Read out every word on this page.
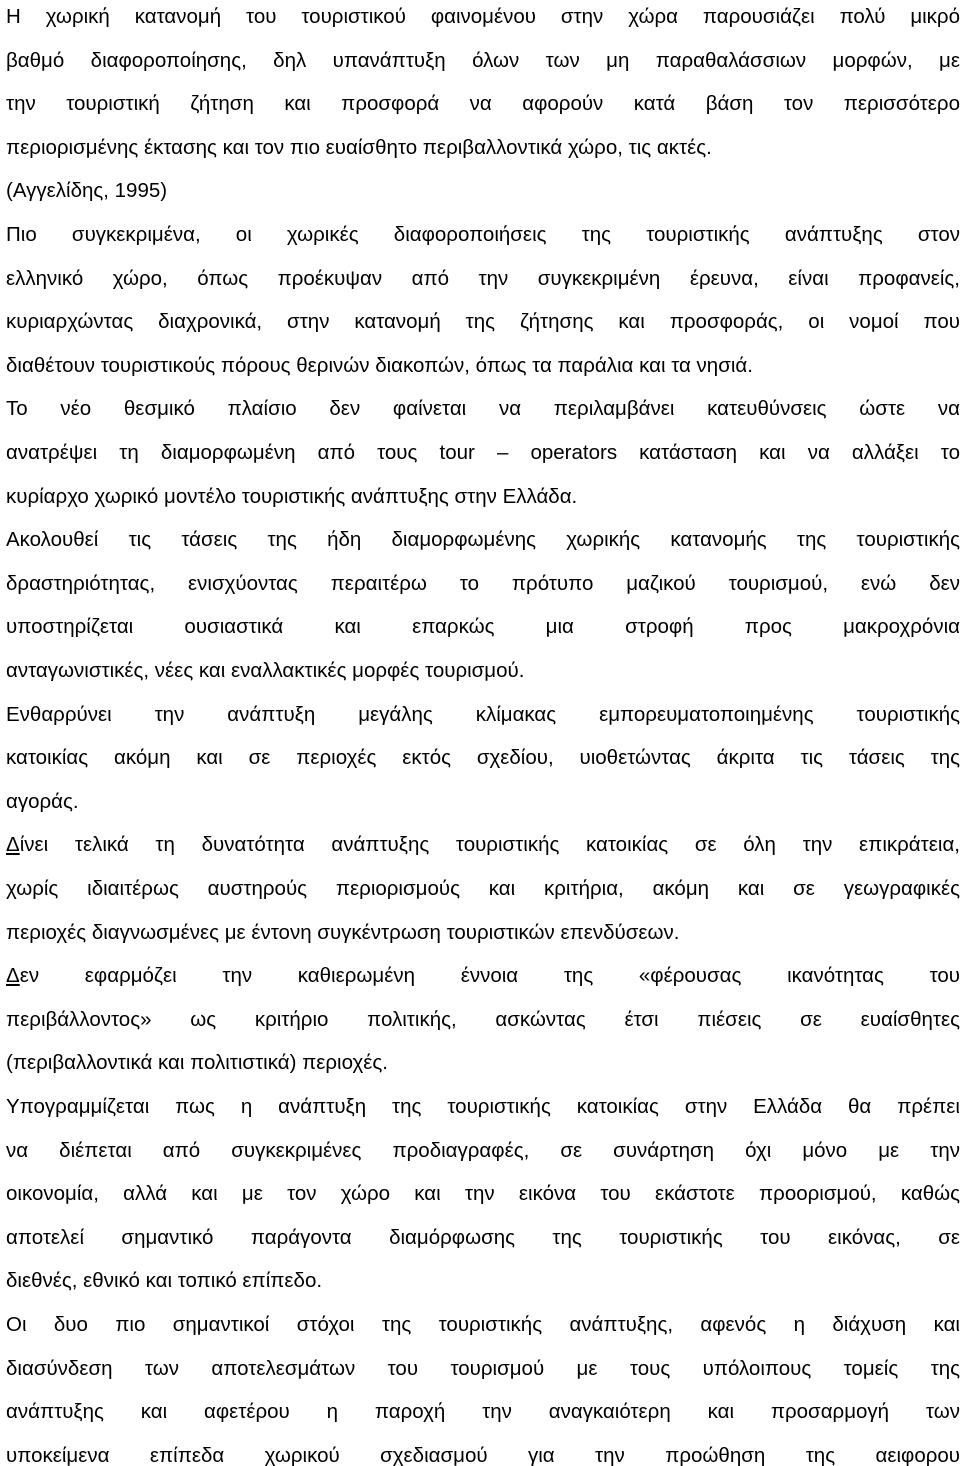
Η χωρική κατανομή του τουριστικού φαινομένου στην χώρα παρουσιάζει πολύ μικρό
βαθμό διαφοροποίησης, δηλ υπανάπτυξη όλων των μη παραθαλάσσιων μορφών, με
την τουριστική ζήτηση και προσφορά να αφορούν κατά βάση τον περισσότερο
περιορισμένης έκτασης και τον πιο ευαίσθητο περιβαλλοντικά χώρο, τις ακτές.
(Αγγελίδης, 1995)
Πιο συγκεκριμένα, οι χωρικές διαφοροποιήσεις της τουριστικής ανάπτυξης στον
ελληνικό χώρο, όπως προέκυψαν από την συγκεκριμένη έρευνα, είναι προφανείς,
κυριαρχώντας διαχρονικά, στην κατανομή της ζήτησης και προσφοράς, οι νομοί που
διαθέτουν τουριστικούς πόρους θερινών διακοπών, όπως τα παράλια και τα νησιά.
Το νέο θεσμικό πλαίσιο δεν φαίνεται να περιλαμβάνει κατευθύνσεις ώστε να
ανατρέψει τη διαμορφωμένη από τους tour – operators κατάσταση και να αλλάξει το
κυρίαρχο χωρικό μοντέλο τουριστικής ανάπτυξης στην Ελλάδα.
Ακολουθεί τις τάσεις της ήδη διαμορφωμένης χωρικής κατανομής της τουριστικής
δραστηριότητας, ενισχύοντας περαιτέρω το πρότυπο μαζικού τουρισμού, ενώ δεν
υποστηρίζεται ουσιαστικά και επαρκώς μια στροφή προς μακροχρόνια
ανταγωνιστικές, νέες και εναλλακτικές μορφές τουρισμού.
Ενθαρρύνει την ανάπτυξη μεγάλης κλίμακας εμπορευματοποιημένης τουριστικής
κατοικίας ακόμη και σε περιοχές εκτός σχεδίου, υιοθετώντας άκριτα τις τάσεις της
αγοράς.
Δίνει τελικά τη δυνατότητα ανάπτυξης τουριστικής κατοικίας σε όλη την επικράτεια,
χωρίς ιδιαιτέρως αυστηρούς περιορισμούς και κριτήρια, ακόμη και σε γεωγραφικές
περιοχές διαγνωσμένες με έντονη συγκέντρωση τουριστικών επενδύσεων.
Δεν εφαρμόζει την καθιερωμένη έννοια της «φέρουσας ικανότητας του
περιβάλλοντος» ως κριτήριο πολιτικής, ασκώντας έτσι πιέσεις σε ευαίσθητες
(περιβαλλοντικά και πολιτιστικά) περιοχές.
Υπογραμμίζεται πως η ανάπτυξη της τουριστικής κατοικίας στην Ελλάδα θα πρέπει
να διέπεται από συγκεκριμένες προδιαγραφές, σε συνάρτηση όχι μόνο με την
οικονομία, αλλά και με τον χώρο και την εικόνα του εκάστοτε προορισμού, καθώς
αποτελεί σημαντικό παράγοντα διαμόρφωσης της τουριστικής του εικόνας, σε
διεθνές, εθνικό και τοπικό επίπεδο.
Οι δυο πιο σημαντικοί στόχοι της τουριστικής ανάπτυξης, αφενός η διάχυση και
διασύνδεση των αποτελεσμάτων του τουρισμού με τους υπόλοιπους τομείς της
ανάπτυξης και αφετέρου η παροχή την αναγκαιότερη και προσαρμογή των
υποκείμενα επίπεδα χωρικού σχεδιασμού για την προώθηση της αειφορου
